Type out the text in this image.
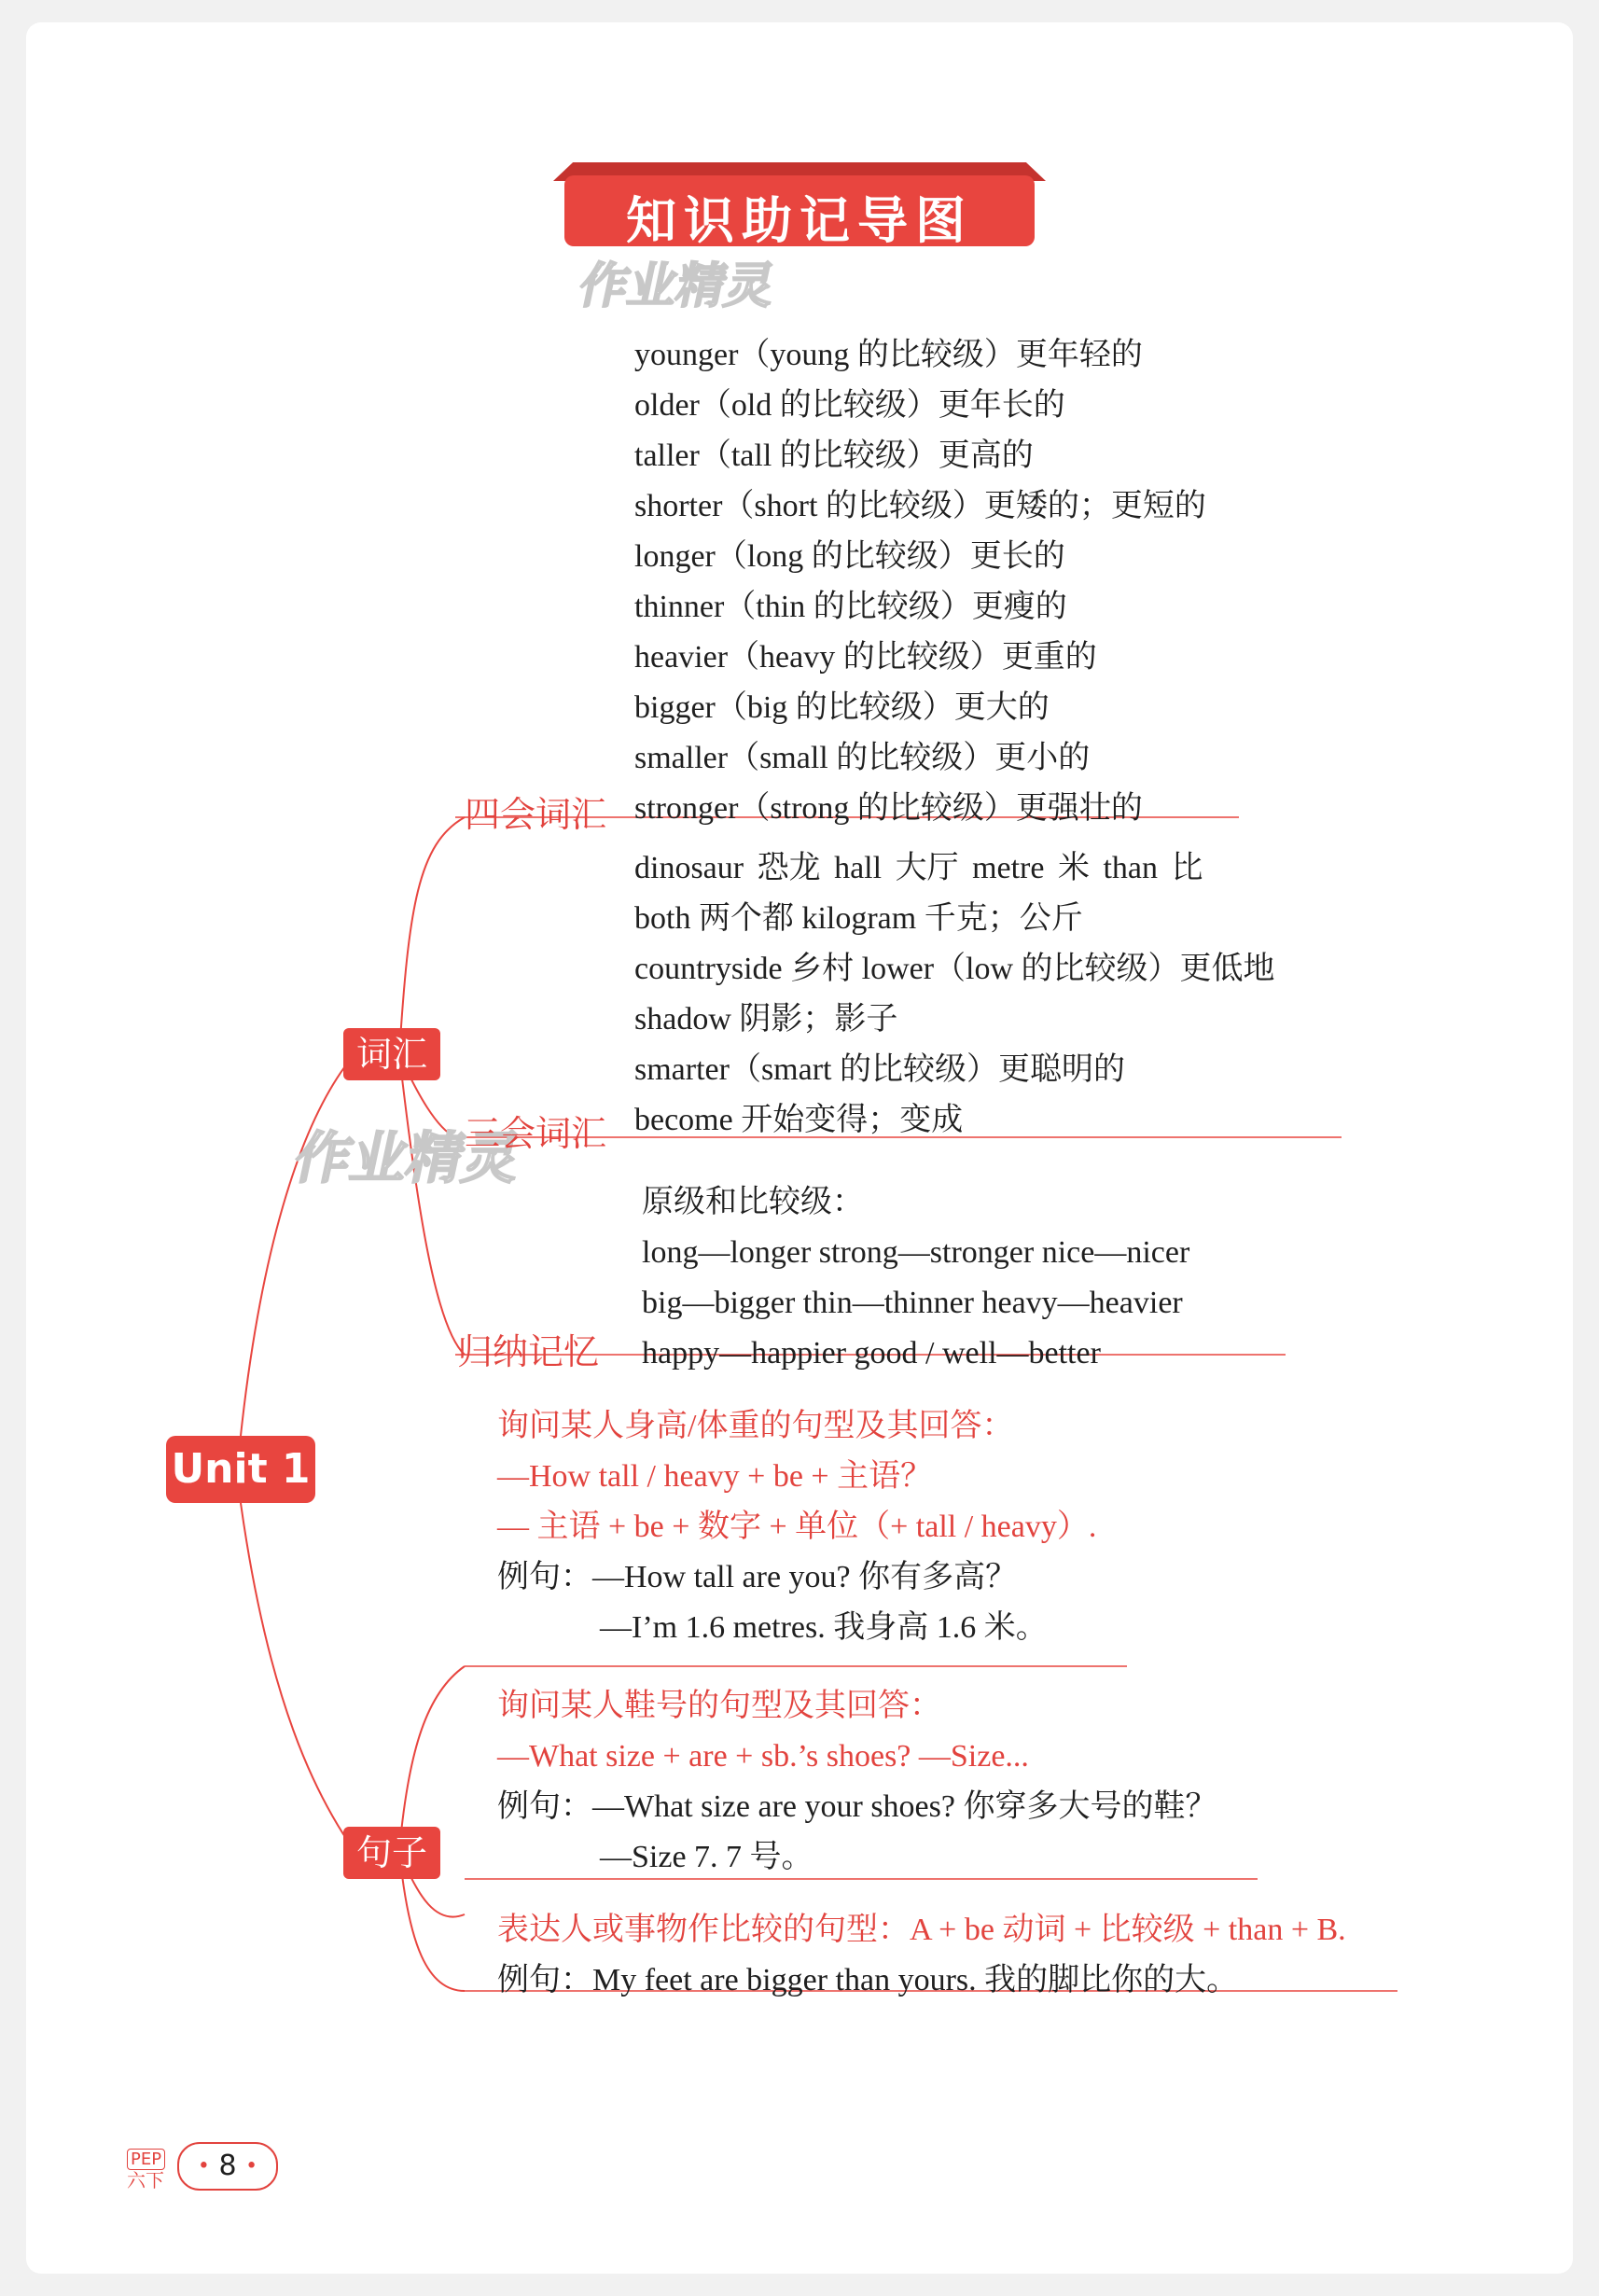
知识助记导图
作业精灵
作业精灵
younger（young 的比较级）更年轻的
older（old 的比较级）更年长的
taller（tall 的比较级）更高的
shorter（short 的比较级）更矮的；更短的
longer（long 的比较级）更长的
thinner（thin 的比较级）更瘦的
heavier（heavy 的比较级）更重的
bigger（big 的比较级）更大的
smaller（small 的比较级）更小的
stronger（strong 的比较级）更强壮的
四会词汇
dinosaur 恐龙 hall 大厅 metre 米 than 比
both 两个都 kilogram 千克；公斤
countryside 乡村 lower（low 的比较级）更低地
shadow 阴影；影子
smarter（smart 的比较级）更聪明的
become 开始变得；变成
三会词汇
原级和比较级：
long—longer strong—stronger nice—nicer
big—bigger thin—thinner heavy—heavier
happy—happier good / well—better
归纳记忆
词汇
句子
Unit 1
询问某人身高/体重的句型及其回答：
—How tall / heavy + be + 主语？
— 主语 + be + 数字 + 单位（+ tall / heavy）.
例句：—How tall are you? 你有多高？
—I’m 1.6 metres. 我身高 1.6 米。
询问某人鞋号的句型及其回答：
—What size + are + sb.’s shoes? —Size...
例句：—What size are your shoes? 你穿多大号的鞋？
—Size 7. 7 号。
表达人或事物作比较的句型：A + be 动词 + 比较级 + than + B.
例句：My feet are bigger than yours. 我的脚比你的大。
PEP
六下
• 8 •
